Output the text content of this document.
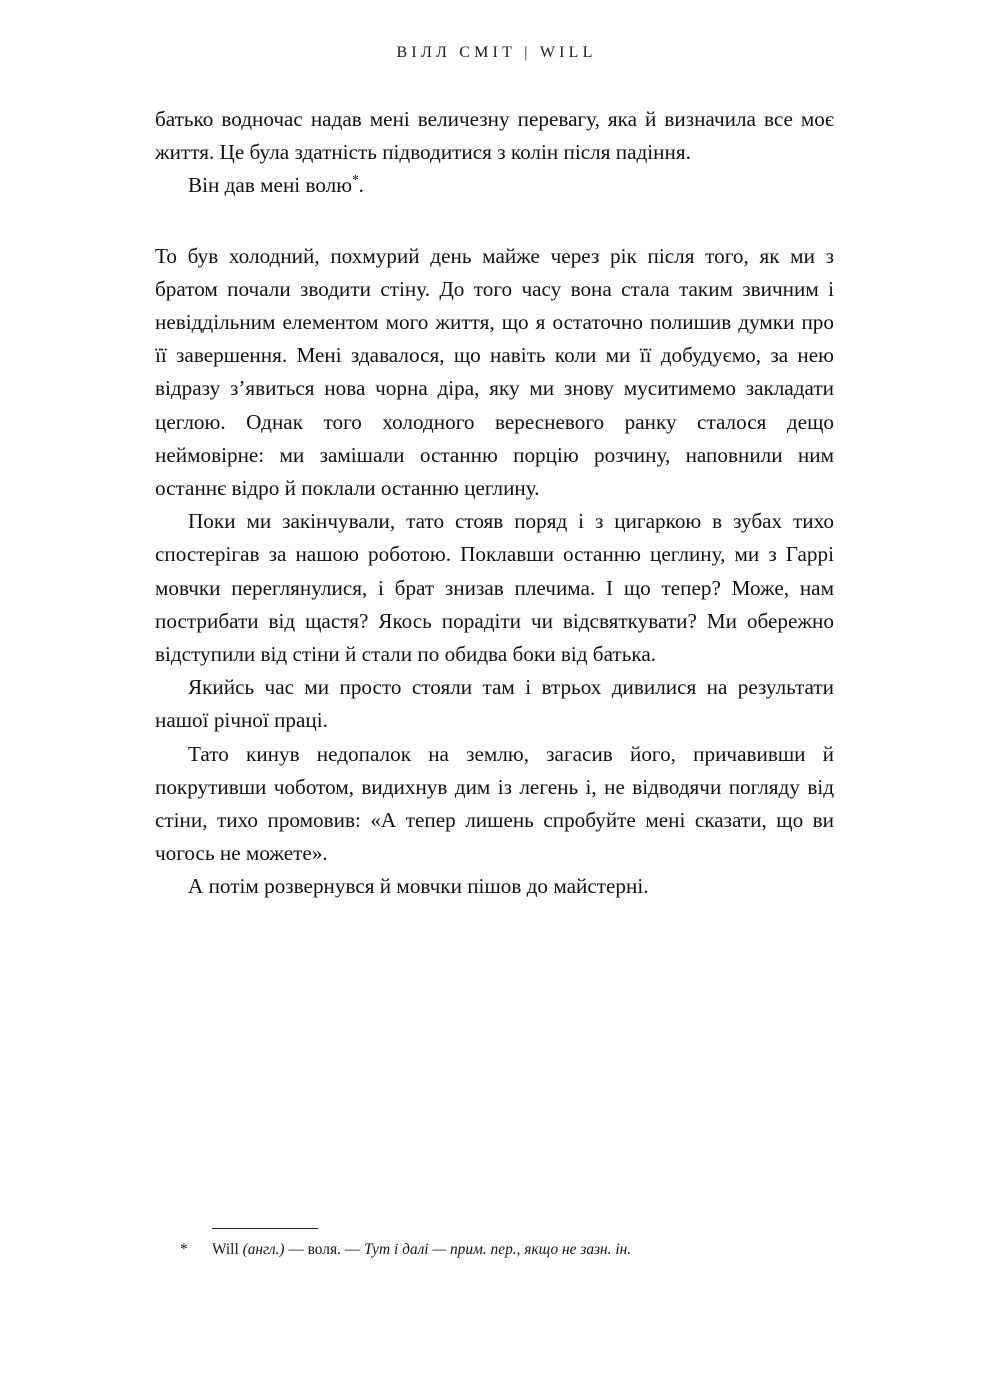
ВІЛЛ СМІТ | WILL

батько водночас надав мені величезну перевагу, яка й визначила все моє життя. Це була здатність підводитися з колін після падіння.

Він дав мені волю*.

То був холодний, похмурий день майже через рік після того, як ми з братом почали зводити стіну. До того часу вона стала таким звичним і невіддільним елементом мого життя, що я остаточно полишив думки про її завершення. Мені здавалося, що навіть коли ми її добудуємо, за нею відразу з’явиться нова чорна діра, яку ми знову муситимемо закладати цеглою. Однак того холодного вересневого ранку сталося дещо неймовірне: ми замішали останню порцію розчину, наповнили ним останнє відро й поклали останню цеглину.

Поки ми закінчували, тато стояв поряд і з цигаркою в зубах тихо спостерігав за нашою роботою. Поклавши останню цеглину, ми з Гаррі мовчки переглянулися, і брат знизав плечима. І що тепер? Може, нам пострибати від щастя? Якось порадіти чи відсвяткувати? Ми обережно відступили від стіни й стали по обидва боки від батька.

Якийсь час ми просто стояли там і втрьох дивилися на результати нашої річної праці.

Тато кинув недопалок на землю, загасив його, причавивши й покрутивши чоботом, видихнув дим із легень і, не відводячи погляду від стіни, тихо промовив: «А тепер лишень спробуйте мені сказати, що ви чогось не можете».

А потім розвернувся й мовчки пішов до майстерні.

*	Will (англ.) — воля. — Тут і далі — прим. пер., якщо не зазн. ін.
